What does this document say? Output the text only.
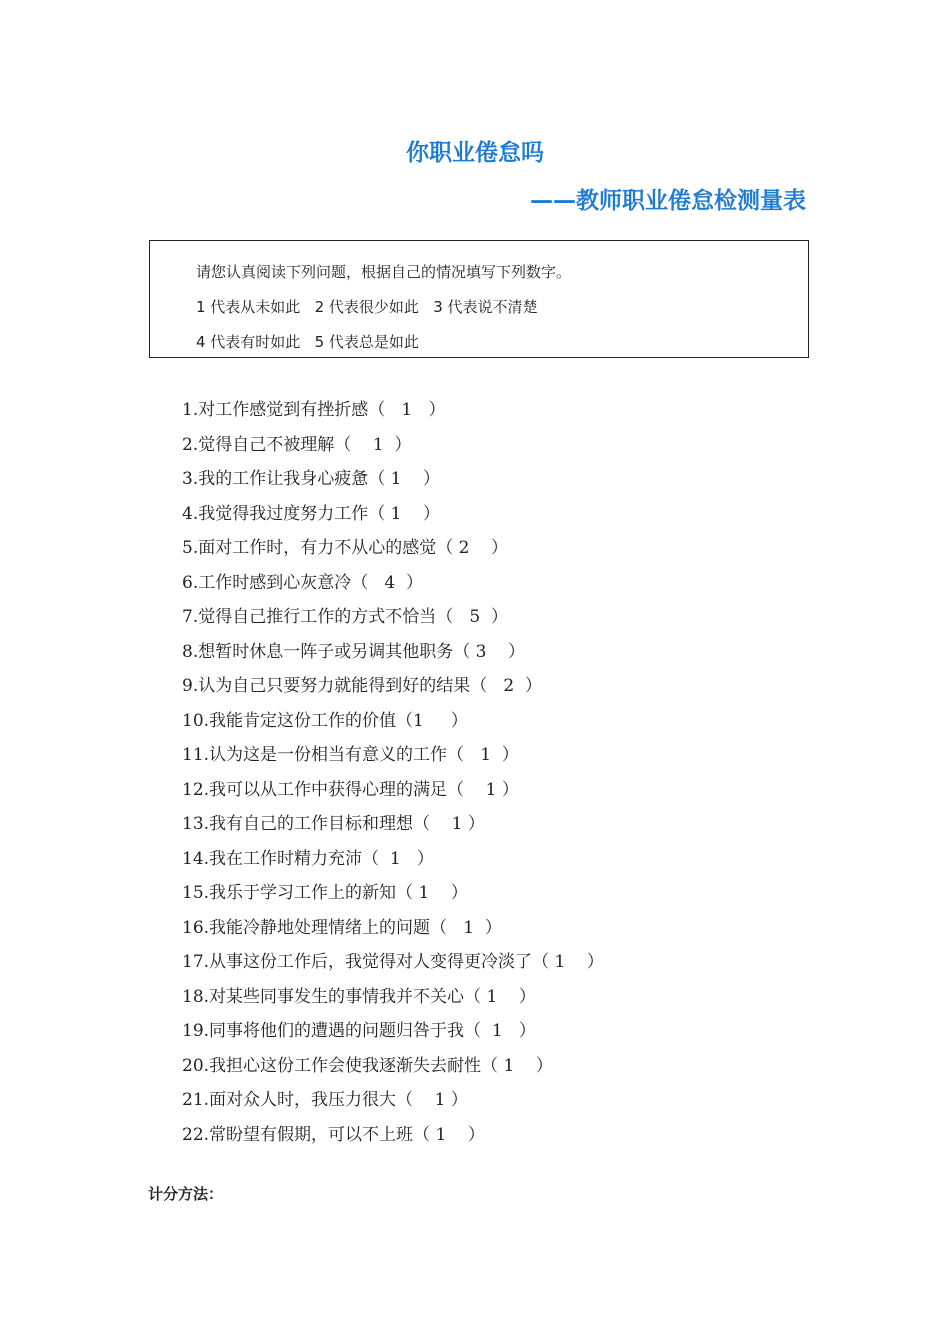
你职业倦怠吗
——教师职业倦怠检测量表
请您认真阅读下列问题，根据自己的情况填写下列数字。
1 代表从未如此   2 代表很少如此   3 代表说不清楚
4 代表有时如此   5 代表总是如此
1.对工作感觉到有挫折感（   1   ）
2.觉得自己不被理解（    1  ）
3.我的工作让我身心疲惫（ 1    ）
4.我觉得我过度努力工作（ 1    ）
5.面对工作时，有力不从心的感觉（ 2    ）
6.工作时感到心灰意冷（   4  ）
7.觉得自己推行工作的方式不恰当（   5  ）
8.想暂时休息一阵子或另调其他职务（ 3    ）
9.认为自己只要努力就能得到好的结果（   2  ）
10.我能肯定这份工作的价值（1     ）
11.认为这是一份相当有意义的工作（   1  ）
12.我可以从工作中获得心理的满足（    1 ）
13.我有自己的工作目标和理想（    1 ）
14.我在工作时精力充沛（  1   ）
15.我乐于学习工作上的新知（ 1    ）
16.我能冷静地处理情绪上的问题（   1  ）
17.从事这份工作后，我觉得对人变得更冷淡了（ 1    ）
18.对某些同事发生的事情我并不关心（ 1    ）
19.同事将他们的遭遇的问题归咎于我（  1   ）
20.我担心这份工作会使我逐渐失去耐性（ 1    ）
21.面对众人时，我压力很大（    1 ）
22.常盼望有假期，可以不上班（ 1    ）

计分方法：
